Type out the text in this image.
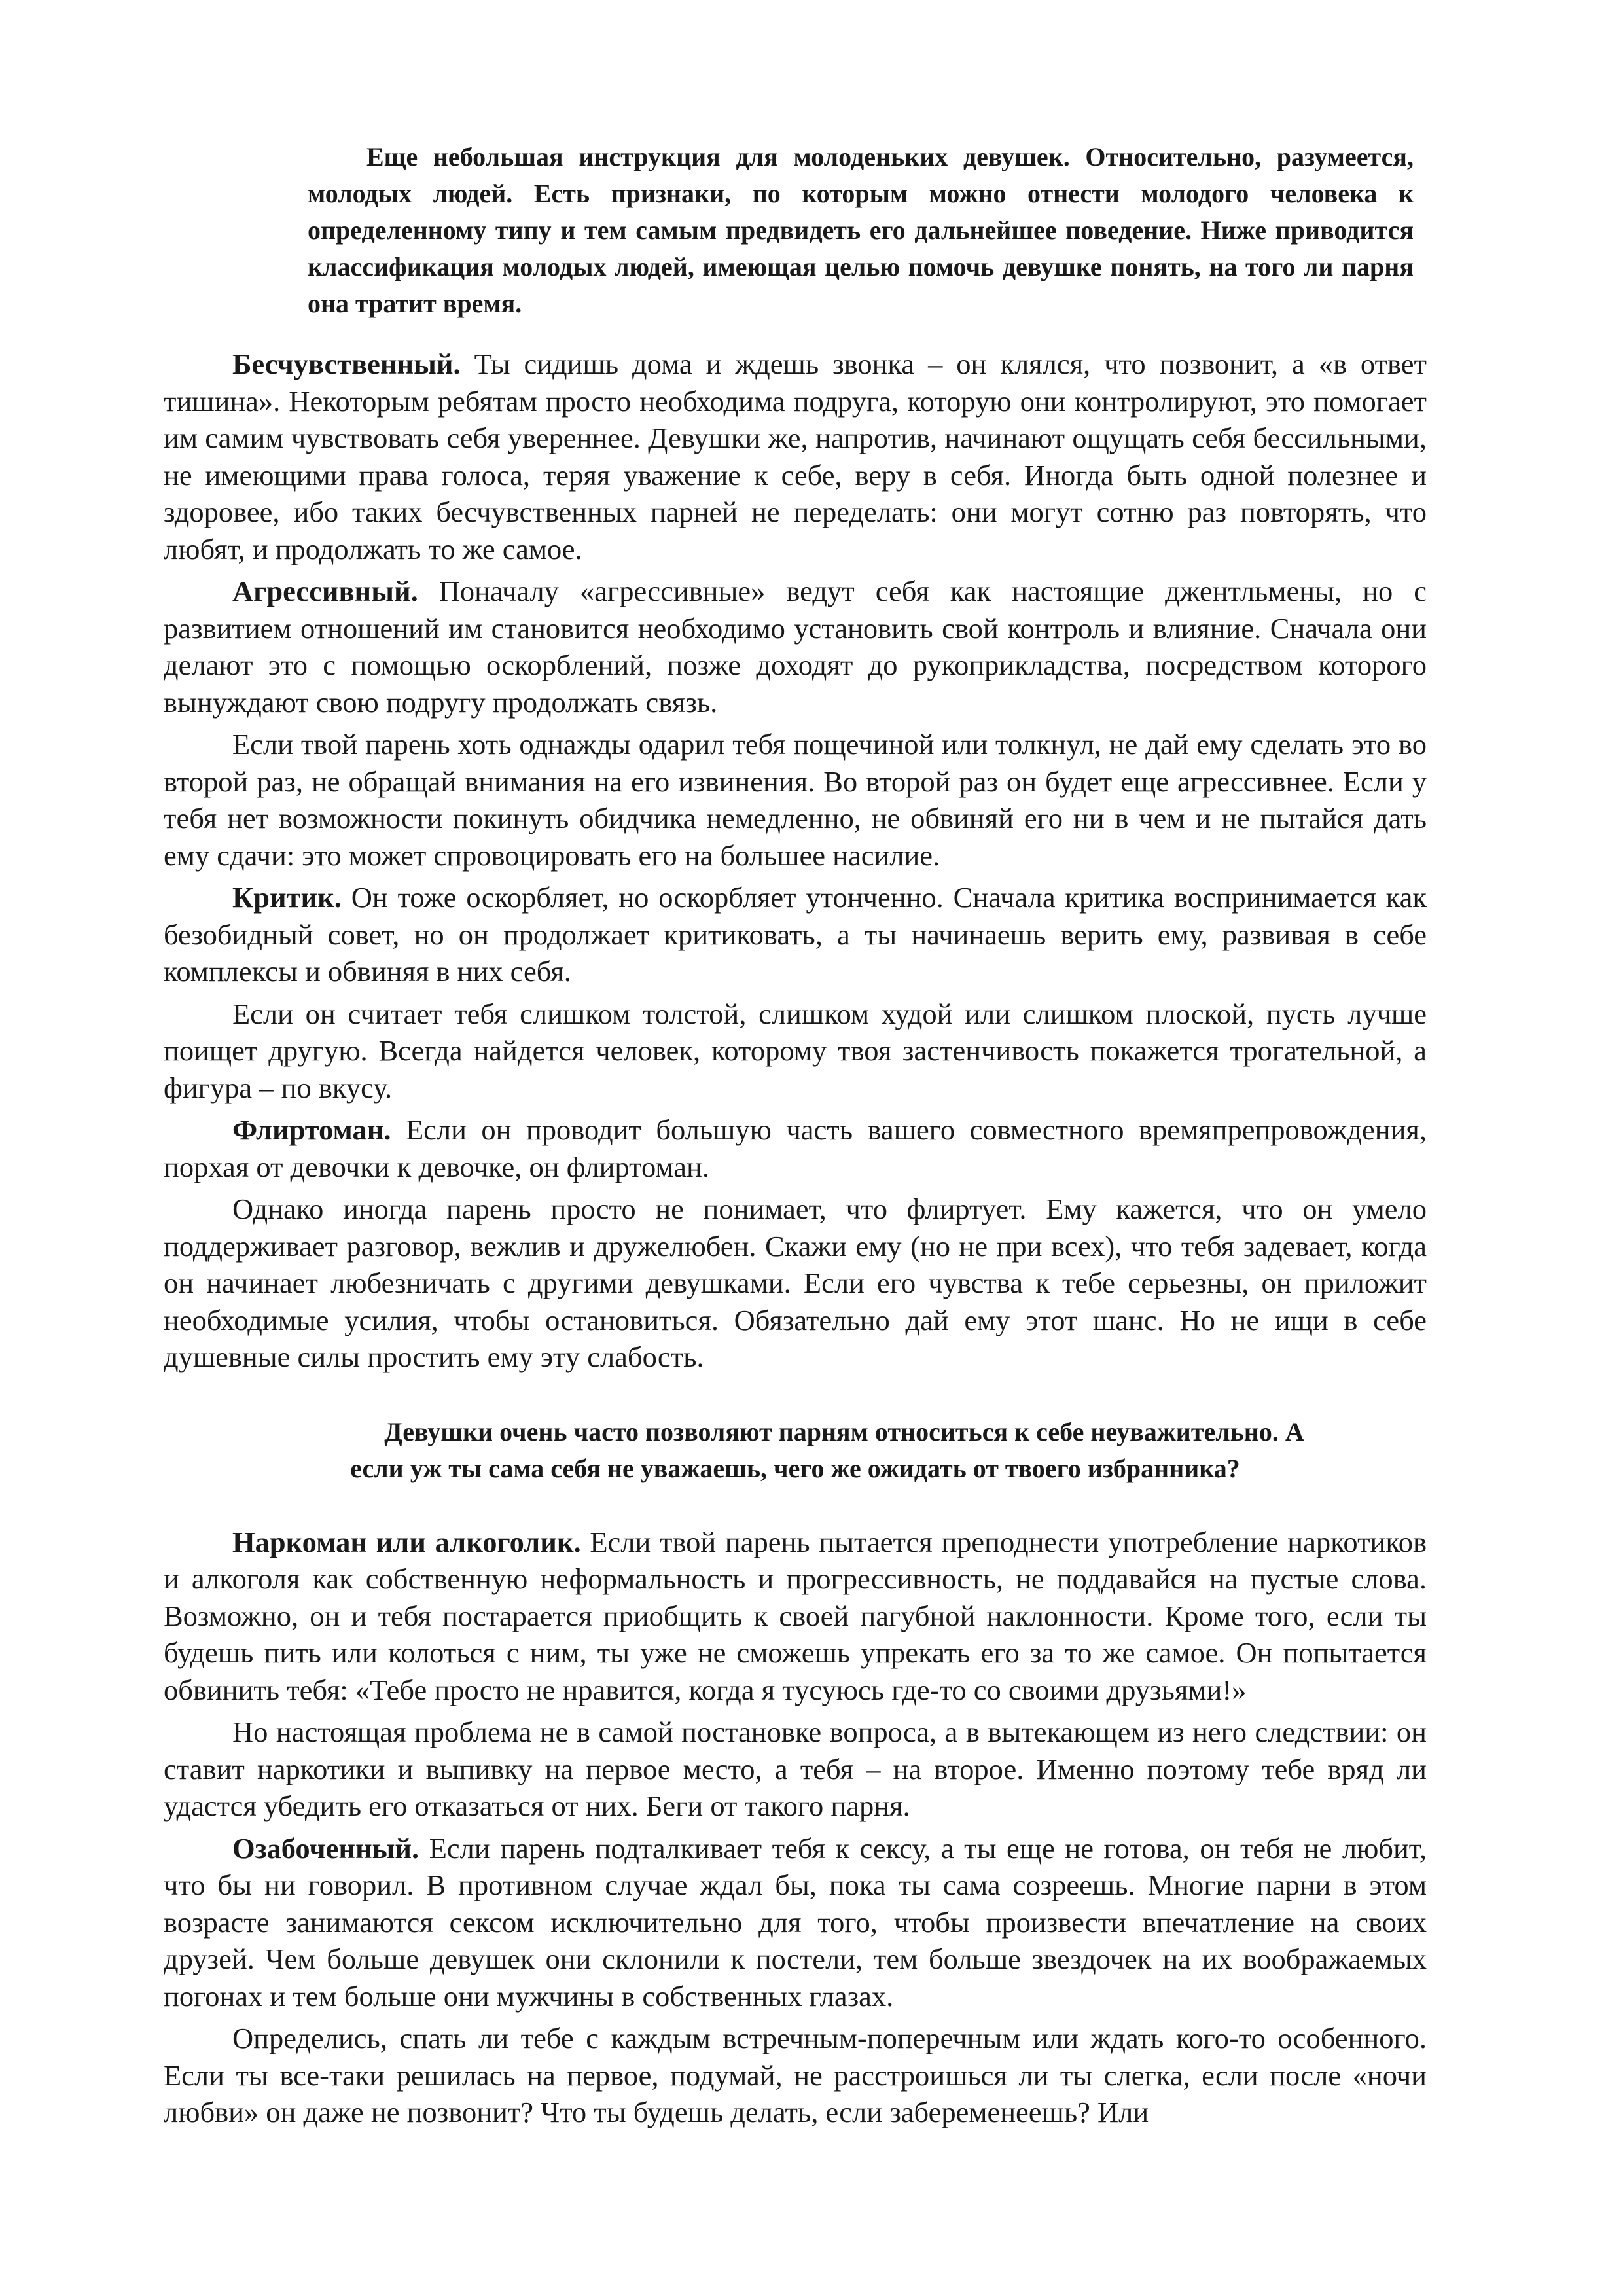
Еще небольшая инструкция для молоденьких девушек. Относительно, разумеется, молодых людей. Есть признаки, по которым можно отнести молодого человека к определенному типу и тем самым предвидеть его дальнейшее поведение. Ниже приводится классификация молодых людей, имеющая целью помочь девушке понять, на того ли парня она тратит время.

Бесчувственный. Ты сидишь дома и ждешь звонка – он клялся, что позвонит, а «в ответ тишина». Некоторым ребятам просто необходима подруга, которую они контролируют, это помогает им самим чувствовать себя увереннее. Девушки же, напротив, начинают ощущать себя бессильными, не имеющими права голоса, теряя уважение к себе, веру в себя. Иногда быть одной полезнее и здоровее, ибо таких бесчувственных парней не переделать: они могут сотню раз повторять, что любят, и продолжать то же самое.

Агрессивный. Поначалу «агрессивные» ведут себя как настоящие джентльмены, но с развитием отношений им становится необходимо установить свой контроль и влияние. Сначала они делают это с помощью оскорблений, позже доходят до рукоприкладства, посредством которого вынуждают свою подругу продолжать связь.

Если твой парень хоть однажды одарил тебя пощечиной или толкнул, не дай ему сделать это во второй раз, не обращай внимания на его извинения. Во второй раз он будет еще агрессивнее. Если у тебя нет возможности покинуть обидчика немедленно, не обвиняй его ни в чем и не пытайся дать ему сдачи: это может спровоцировать его на большее насилие.

Критик. Он тоже оскорбляет, но оскорбляет утонченно. Сначала критика воспринимается как безобидный совет, но он продолжает критиковать, а ты начинаешь верить ему, развивая в себе комплексы и обвиняя в них себя.

Если он считает тебя слишком толстой, слишком худой или слишком плоской, пусть лучше поищет другую. Всегда найдется человек, которому твоя застенчивость покажется трогательной, а фигура – по вкусу.

Флиртоман. Если он проводит большую часть вашего совместного времяпрепровождения, порхая от девочки к девочке, он флиртоман.

Однако иногда парень просто не понимает, что флиртует. Ему кажется, что он умело поддерживает разговор, вежлив и дружелюбен. Скажи ему (но не при всех), что тебя задевает, когда он начинает любезничать с другими девушками. Если его чувства к тебе серьезны, он приложит необходимые усилия, чтобы остановиться. Обязательно дай ему этот шанс. Но не ищи в себе душевные силы простить ему эту слабость.

Девушки очень часто позволяют парням относиться к себе неуважительно. А
если уж ты сама себя не уважаешь, чего же ожидать от твоего избранника?

Наркоман или алкоголик. Если твой парень пытается преподнести употребление наркотиков и алкоголя как собственную неформальность и прогрессивность, не поддавайся на пустые слова. Возможно, он и тебя постарается приобщить к своей пагубной наклонности. Кроме того, если ты будешь пить или колоться с ним, ты уже не сможешь упрекать его за то же самое. Он попытается обвинить тебя: «Тебе просто не нравится, когда я тусуюсь где-то со своими друзьями!»

Но настоящая проблема не в самой постановке вопроса, а в вытекающем из него следствии: он ставит наркотики и выпивку на первое место, а тебя – на второе. Именно поэтому тебе вряд ли удастся убедить его отказаться от них. Беги от такого парня.

Озабоченный. Если парень подталкивает тебя к сексу, а ты еще не готова, он тебя не любит, что бы ни говорил. В противном случае ждал бы, пока ты сама созреешь. Многие парни в этом возрасте занимаются сексом исключительно для того, чтобы произвести впечатление на своих друзей. Чем больше девушек они склонили к постели, тем больше звездочек на их воображаемых погонах и тем больше они мужчины в собственных глазах.

Определись, спать ли тебе с каждым встречным-поперечным или ждать кого-то особенного. Если ты все-таки решилась на первое, подумай, не расстроишься ли ты слегка, если после «ночи любви» он даже не позвонит? Что ты будешь делать, если забеременеешь? Или
